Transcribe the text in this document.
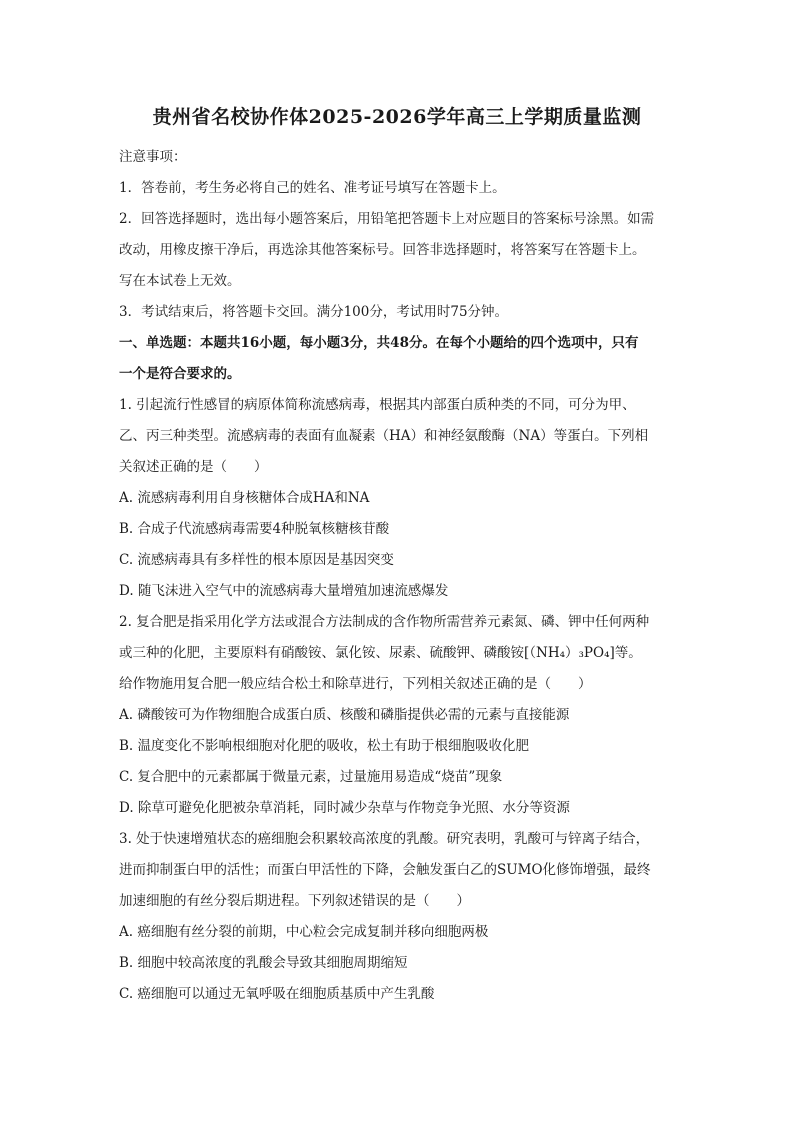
贵州省名校协作体2025-2026学年高三上学期质量监测
注意事项：
1．答卷前，考生务必将自己的姓名、准考证号填写在答题卡上。
2．回答选择题时，选出每小题答案后，用铅笔把答题卡上对应题目的答案标号涂黑。如需
改动，用橡皮擦干净后，再选涂其他答案标号。回答非选择题时，将答案写在答题卡上。
写在本试卷上无效。
3．考试结束后，将答题卡交回。满分100分，考试用时75分钟。
一、单选题：本题共16小题，每小题3分，共48分。在每个小题给的四个选项中，只有
一个是符合要求的。
1. 引起流行性感冒的病原体简称流感病毒，根据其内部蛋白质种类的不同，可分为甲、
乙、丙三种类型。流感病毒的表面有血凝素（HA）和神经氨酸酶（NA）等蛋白。下列相
关叙述正确的是（　　）
A. 流感病毒利用自身核糖体合成HA和NA
B. 合成子代流感病毒需要4种脱氧核糖核苷酸
C. 流感病毒具有多样性的根本原因是基因突变
D. 随飞沫进入空气中的流感病毒大量增殖加速流感爆发
2. 复合肥是指采用化学方法或混合方法制成的含作物所需营养元素氮、磷、钾中任何两种
或三种的化肥，主要原料有硝酸铵、氯化铵、尿素、硫酸钾、磷酸铵[（NH₄）₃PO₄]等。
给作物施用复合肥一般应结合松土和除草进行，下列相关叙述正确的是（　　）
A. 磷酸铵可为作物细胞合成蛋白质、核酸和磷脂提供必需的元素与直接能源
B. 温度变化不影响根细胞对化肥的吸收，松土有助于根细胞吸收化肥
C. 复合肥中的元素都属于微量元素，过量施用易造成“烧苗”现象
D. 除草可避免化肥被杂草消耗，同时减少杂草与作物竞争光照、水分等资源
3. 处于快速增殖状态的癌细胞会积累较高浓度的乳酸。研究表明，乳酸可与锌离子结合，
进而抑制蛋白甲的活性；而蛋白甲活性的下降，会触发蛋白乙的SUMO化修饰增强，最终
加速细胞的有丝分裂后期进程。下列叙述错误的是（　　）
A. 癌细胞有丝分裂的前期，中心粒会完成复制并移向细胞两极
B. 细胞中较高浓度的乳酸会导致其细胞周期缩短
C. 癌细胞可以通过无氧呼吸在细胞质基质中产生乳酸
